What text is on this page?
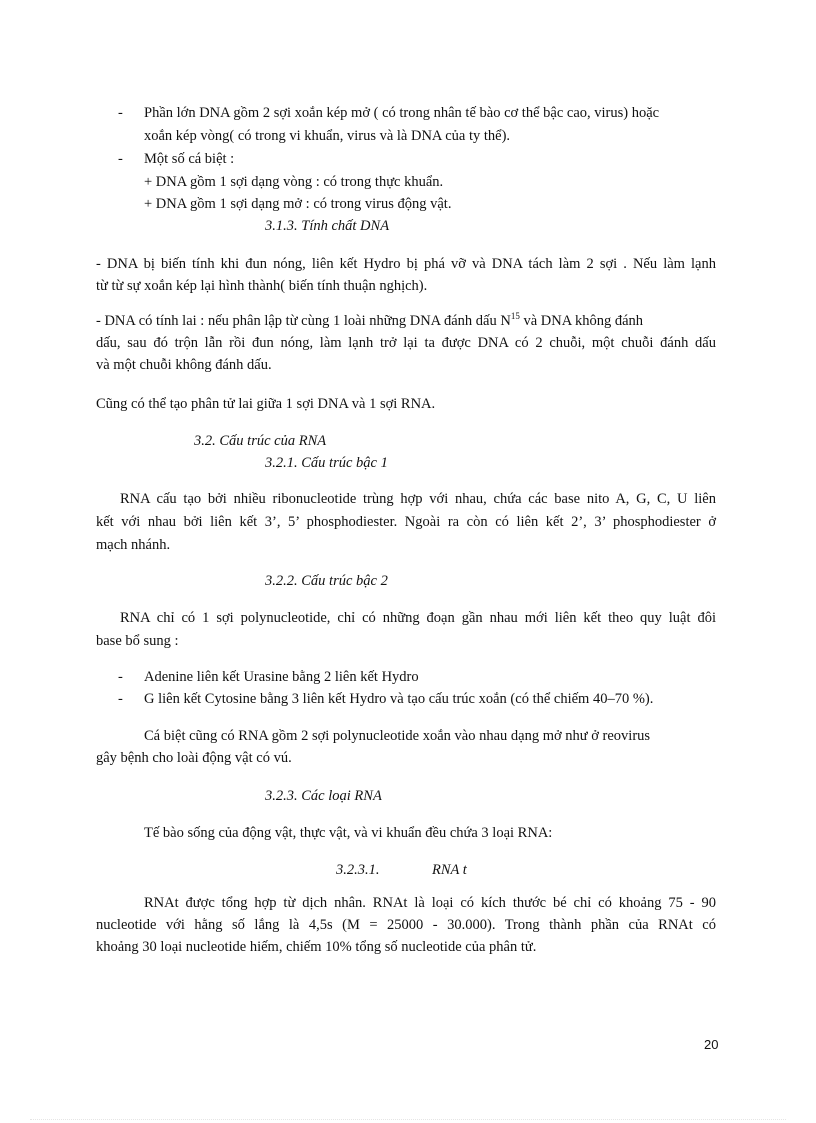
- Phần lớn DNA gồm 2 sợi xoắn kép mở ( có trong nhân tế bào cơ thể bậc cao, virus) hoặc
xoắn kép vòng( có trong vi khuẩn, virus và là DNA của ty thể).
- Một số cá biệt :
+ DNA gồm 1 sợi dạng vòng : có trong thực khuẩn.
+ DNA gồm 1 sợi dạng mở : có trong virus động vật.
3.1.3. Tính chất DNA
- DNA bị biến tính khi đun nóng, liên kết Hydro bị phá vỡ và DNA tách làm 2 sợi . Nếu làm lạnh
từ từ sự xoắn kép lại hình thành( biến tính thuận nghịch).
- DNA có tính lai : nếu phân lập từ cùng 1 loài những DNA đánh dấu $N^{15}$ và DNA không đánh
dấu, sau đó trộn lẫn rồi đun nóng, làm lạnh trở lại ta được DNA có 2 chuỗi, một chuỗi đánh dấu
và một chuỗi không đánh dấu.
Cũng có thể tạo phân tử lai giữa 1 sợi DNA và 1 sợi RNA.
3.2. Cấu trúc của RNA
3.2.1. Cấu trúc bậc 1
RNA cấu tạo bởi nhiều ribonucleotide trùng hợp với nhau, chứa các base nito A, G, C, U liên
kết với nhau bởi liên kết 3’, 5’ phosphodiester. Ngoài ra còn có liên kết 2’, 3’ phosphodiester ở
mạch nhánh.
3.2.2. Cấu trúc bậc 2
RNA chỉ có 1 sợi polynucleotide, chỉ có những đoạn gần nhau mới liên kết theo quy luật đôi
base bổ sung :
- Adenine liên kết Urasine bằng 2 liên kết Hydro
- G liên kết Cytosine bằng 3 liên kết Hydro và tạo cấu trúc xoắn (có thể chiếm 40–70 %).
Cá biệt cũng có RNA gồm 2 sợi polynucleotide xoắn vào nhau dạng mở như ở reovirus
gây bệnh cho loài động vật có vú.
3.2.3. Các loại RNA
Tế bào sống của động vật, thực vật, và vi khuẩn đều chứa 3 loại RNA:
3.2.3.1.	RNA t
RNAt được tổng hợp từ dịch nhân. RNAt là loại có kích thước bé chỉ có khoảng 75 - 90
nucleotide với hằng số lắng là 4,5s (M = 25000 - 30.000). Trong thành phần của RNAt có
khoảng 30 loại nucleotide hiếm, chiếm 10% tổng số nucleotide của phân tử.
20
